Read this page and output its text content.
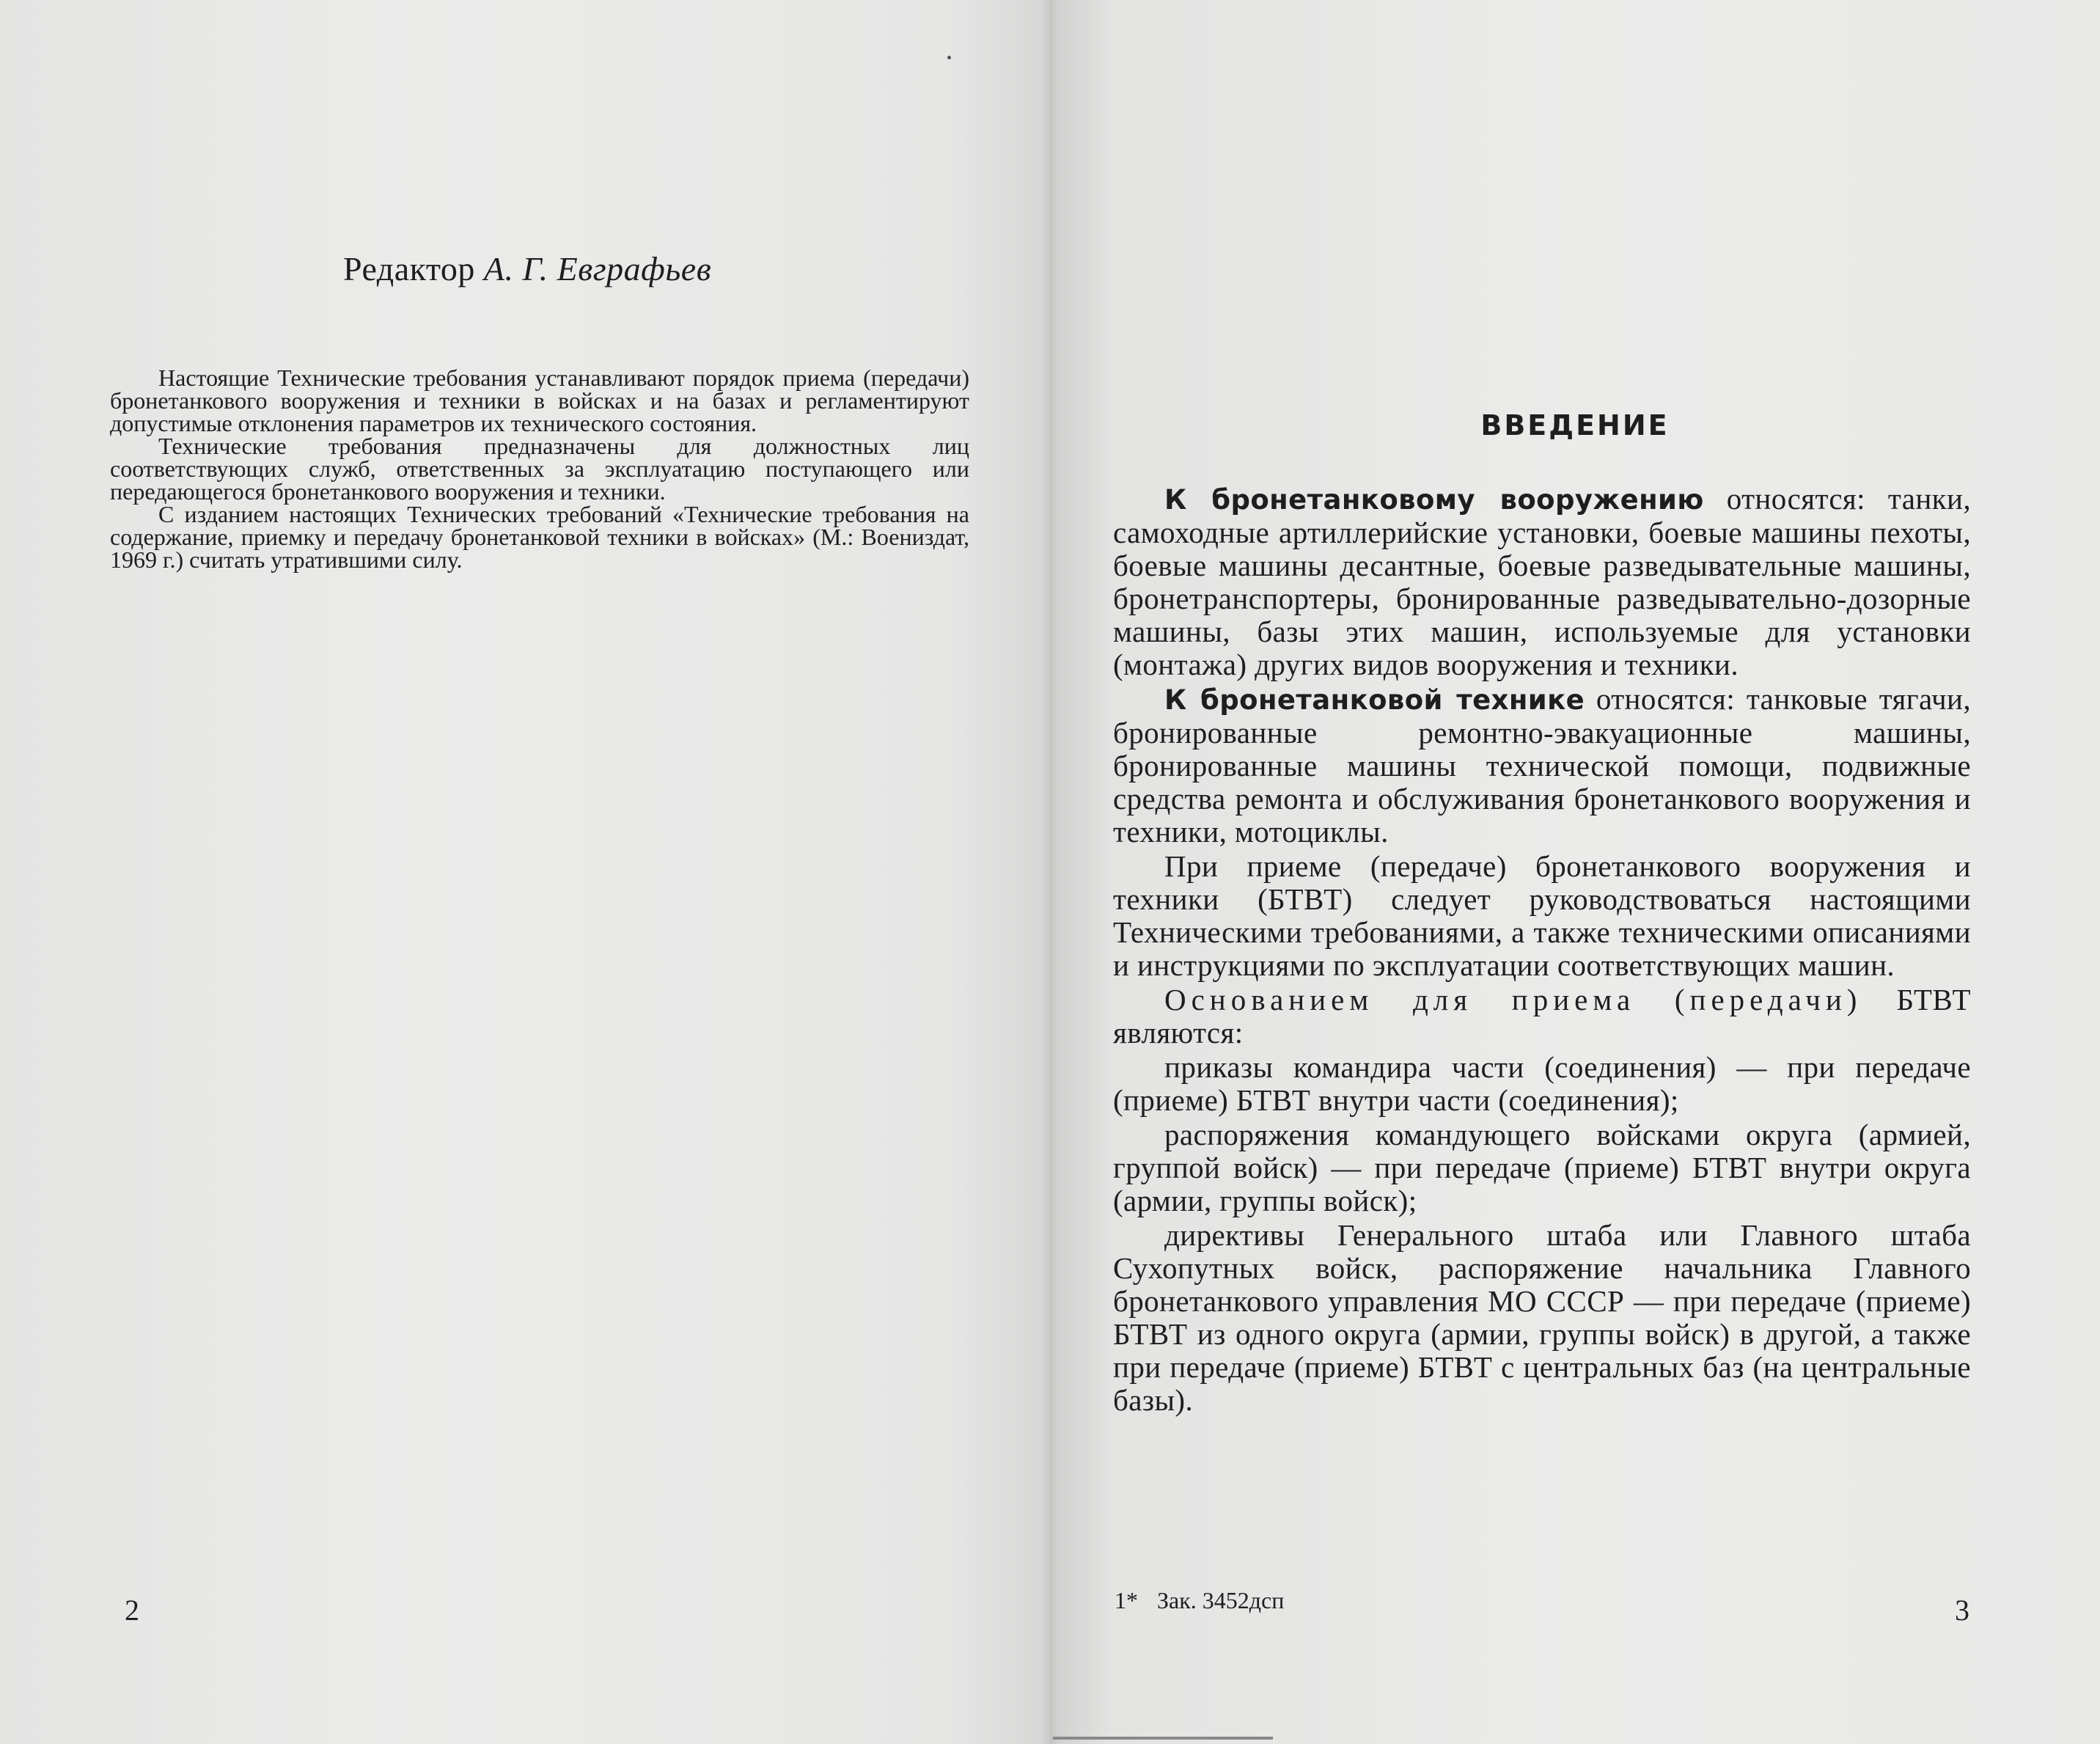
Редактор А. Г. Евграфьев

Настоящие Технические требования устанавливают порядок приема (передачи) бронетанкового вооружения и техники в войсках и на базах и регламентируют допустимые отклонения параметров их технического состояния.

Технические требования предназначены для должностных лиц соответствующих служб, ответственных за эксплуатацию поступающего или передающегося бронетанкового вооружения и техники.

С изданием настоящих Технических требований «Технические требования на содержание, приемку и передачу бронетанковой техники в войсках» (М.: Воениздат, 1969 г.) считать утратившими силу.

2
ВВЕДЕНИЕ

К бронетанковому вооружению относятся: танки, самоходные артиллерийские установки, боевые машины пехоты, боевые машины десантные, боевые разведывательные машины, бронетранспортеры, бронированные разведывательно-дозорные машины, базы этих машин, используемые для установки (монтажа) других видов вооружения и техники.

К бронетанковой технике относятся: танковые тягачи, бронированные ремонтно-эвакуационные машины, бронированные машины технической помощи, подвижные средства ремонта и обслуживания бронетанкового вооружения и техники, мотоциклы.

При приеме (передаче) бронетанкового вооружения и техники (БТВТ) следует руководствоваться настоящими Техническими требованиями, а также техническими описаниями и инструкциями по эксплуатации соответствующих машин.

Основанием для приема (передачи) БТВТ являются:

приказы командира части (соединения) — при передаче (приеме) БТВТ внутри части (соединения);

распоряжения командующего войсками округа (армией, группой войск) — при передаче (приеме) БТВТ внутри округа (армии, группы войск);

директивы Генерального штаба или Главного штаба Сухопутных войск, распоряжение начальника Главного бронетанкового управления МО СССР — при передаче (приеме) БТВТ из одного округа (армии, группы войск) в другой, а также при передаче (приеме) БТВТ с центральных баз (на центральные базы).

1* Зак. 3452дсп	3
